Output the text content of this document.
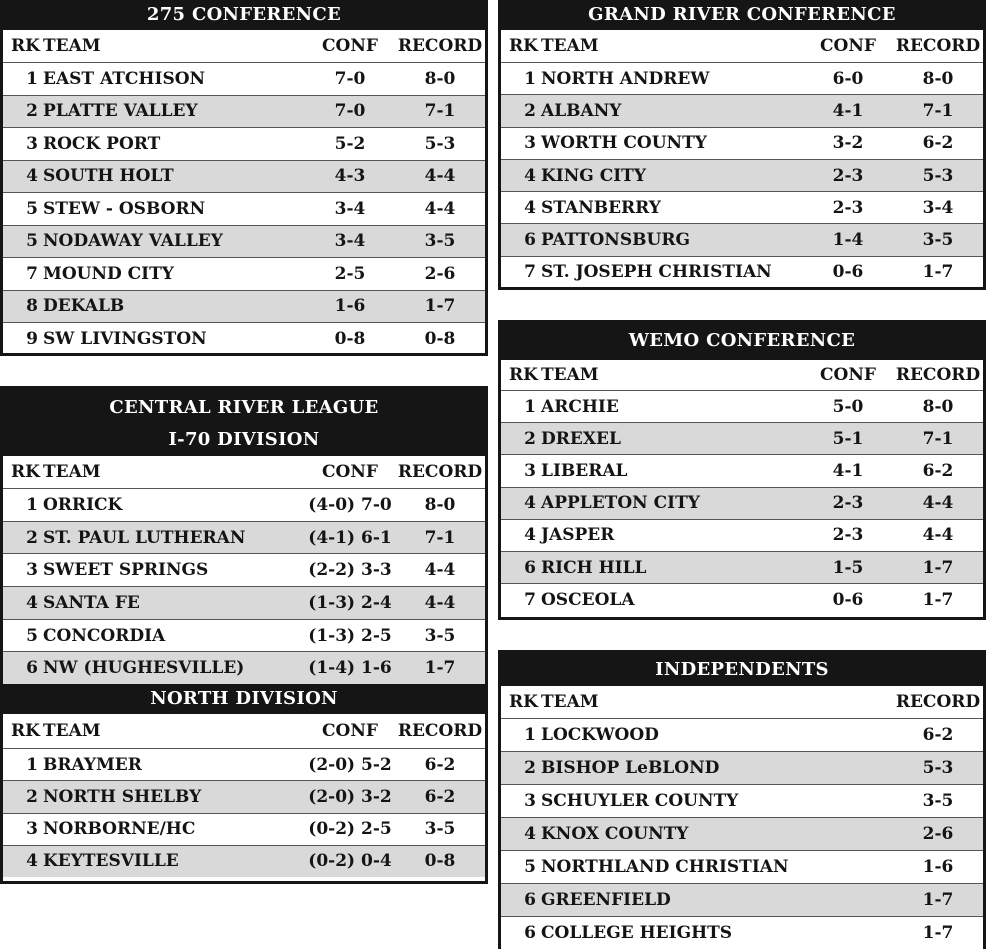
275 CONFERENCE
RK TEAM	CONF	RECORD
1 EAST ATCHISON	7-0	8-0
2 PLATTE VALLEY	7-0	7-1
3 ROCK PORT	5-2	5-3
4 SOUTH HOLT	4-3	4-4
5 STEW - OSBORN	3-4	4-4
5 NODAWAY VALLEY	3-4	3-5
7 MOUND CITY	2-5	2-6
8 DEKALB	1-6	1-7
9 SW LIVINGSTON	0-8	0-8
CENTRAL RIVER LEAGUE
I-70 DIVISION
RK TEAM	CONF	RECORD
1 ORRICK	(4-0) 7-0	8-0
2 ST. PAUL LUTHERAN	(4-1) 6-1	7-1
3 SWEET SPRINGS	(2-2) 3-3	4-4
4 SANTA FE	(1-3) 2-4	4-4
5 CONCORDIA	(1-3) 2-5	3-5
6 NW (HUGHESVILLE)	(1-4) 1-6	1-7
NORTH DIVISION
RK TEAM	CONF	RECORD
1 BRAYMER	(2-0) 5-2	6-2
2 NORTH SHELBY	(2-0) 3-2	6-2
3 NORBORNE/HC	(0-2) 2-5	3-5
4 KEYTESVILLE	(0-2) 0-4	0-8
GRAND RIVER CONFERENCE
RK TEAM	CONF	RECORD
1 NORTH ANDREW	6-0	8-0
2 ALBANY	4-1	7-1
3 WORTH COUNTY	3-2	6-2
4 KING CITY	2-3	5-3
4 STANBERRY	2-3	3-4
6 PATTONSBURG	1-4	3-5
7 ST. JOSEPH CHRISTIAN	0-6	1-7
WEMO CONFERENCE
RK TEAM	CONF	RECORD
1 ARCHIE	5-0	8-0
2 DREXEL	5-1	7-1
3 LIBERAL	4-1	6-2
4 APPLETON CITY	2-3	4-4
4 JASPER	2-3	4-4
6 RICH HILL	1-5	1-7
7 OSCEOLA	0-6	1-7
INDEPENDENTS
RK TEAM	RECORD
1 LOCKWOOD	6-2
2 BISHOP LeBLOND	5-3
3 SCHUYLER COUNTY	3-5
4 KNOX COUNTY	2-6
5 NORTHLAND CHRISTIAN	1-6
6 GREENFIELD	1-7
6 COLLEGE HEIGHTS	1-7
